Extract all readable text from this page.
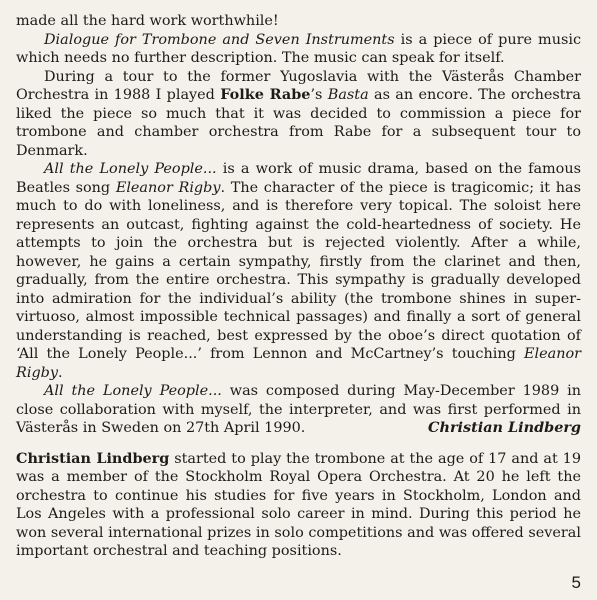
made all the hard work worthwhile!

Dialogue for Trombone and Seven Instruments is a piece of pure music which needs no further description. The music can speak for itself.

During a tour to the former Yugoslavia with the Västerås Chamber Orchestra in 1988 I played Folke Rabe’s Basta as an encore. The orchestra liked the piece so much that it was decided to commission a piece for trombone and chamber orchestra from Rabe for a subsequent tour to Denmark.

All the Lonely People... is a work of music drama, based on the famous Beatles song Eleanor Rigby. The character of the piece is tragicomic; it has much to do with loneliness, and is therefore very topical. The soloist here represents an outcast, fighting against the cold-heartedness of society. He attempts to join the orchestra but is rejected violently. After a while, however, he gains a certain sympathy, firstly from the clarinet and then, gradually, from the entire orchestra. This sympathy is gradually developed into admiration for the individual’s ability (the trombone shines in super-virtuoso, almost impossible technical passages) and finally a sort of general understanding is reached, best expressed by the oboe’s direct quotation of ‘All the Lonely People...’ from Lennon and McCartney’s touching Eleanor Rigby.

All the Lonely People... was composed during May-December 1989 in close collaboration with myself, the interpreter, and was first performed in Västerås in Sweden on 27th April 1990.	Christian Lindberg

Christian Lindberg started to play the trombone at the age of 17 and at 19 was a member of the Stockholm Royal Opera Orchestra. At 20 he left the orchestra to continue his studies for five years in Stockholm, London and Los Angeles with a professional solo career in mind. During this period he won several international prizes in solo competitions and was offered several important orchestral and teaching positions.

5
